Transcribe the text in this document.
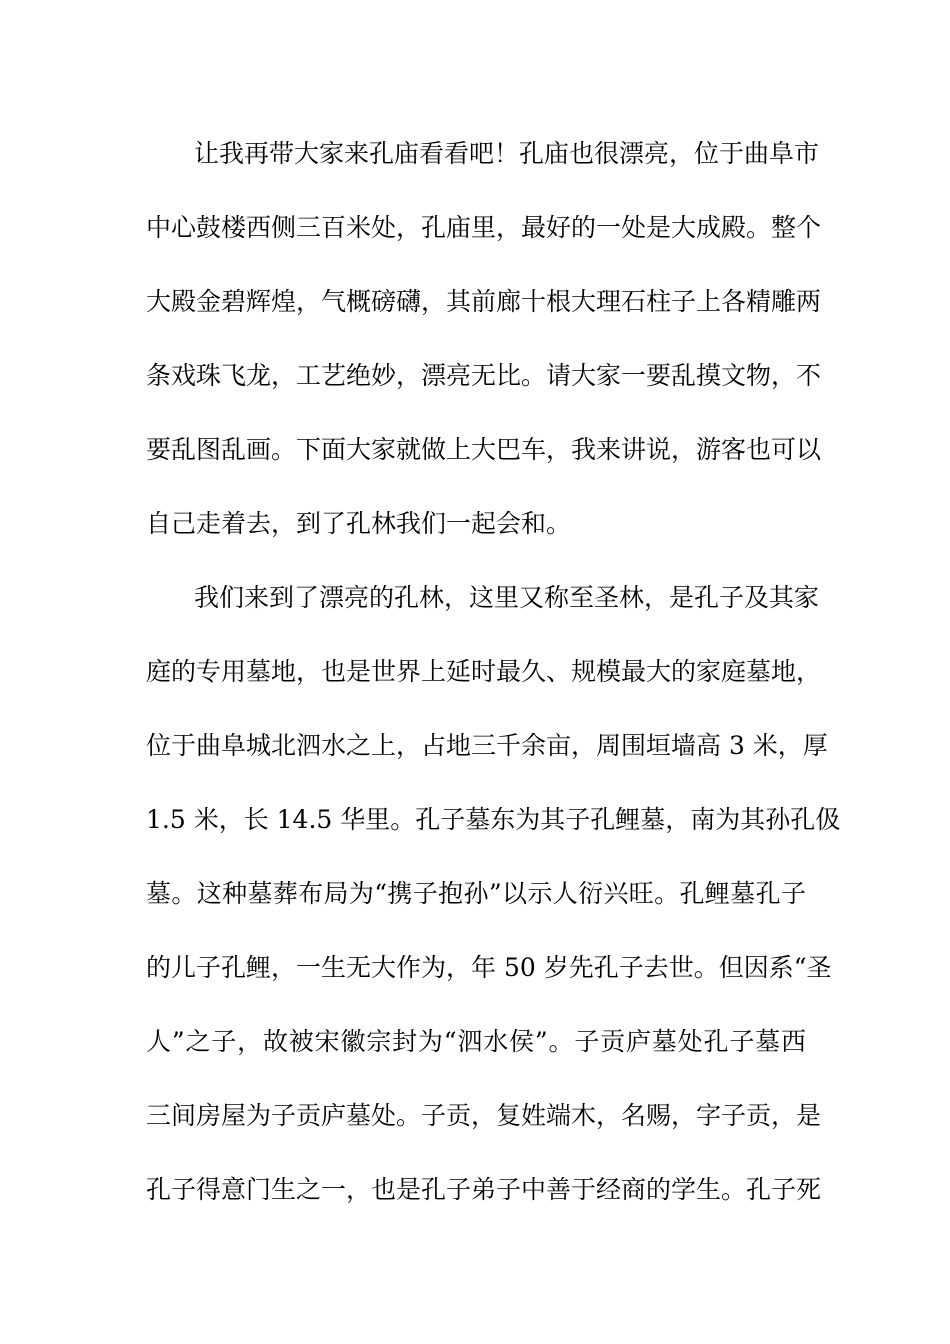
让我再带大家来孔庙看看吧！孔庙也很漂亮，位于曲阜市
中心鼓楼西侧三百米处，孔庙里，最好的一处是大成殿。整个
大殿金碧辉煌，气概磅礴，其前廊十根大理石柱子上各精雕两
条戏珠飞龙，工艺绝妙，漂亮无比。请大家一要乱摸文物，不
要乱图乱画。下面大家就做上大巴车，我来讲说，游客也可以
自己走着去，到了孔林我们一起会和。

我们来到了漂亮的孔林，这里又称至圣林，是孔子及其家
庭的专用墓地，也是世界上延时最久、规模最大的家庭墓地，
位于曲阜城北泗水之上，占地三千余亩，周围垣墙高 3 米，厚
1.5 米，长 14.5 华里。孔子墓东为其子孔鲤墓，南为其孙孔伋
墓。这种墓葬布局为“携子抱孙”以示人衍兴旺。孔鲤墓孔子
的儿子孔鲤，一生无大作为，年 50 岁先孔子去世。但因系“圣
人”之子，故被宋徽宗封为“泗水侯”。子贡庐墓处孔子墓西
三间房屋为子贡庐墓处。子贡，复姓端木，名赐，字子贡，是
孔子得意门生之一，也是孔子弟子中善于经商的学生。孔子死
